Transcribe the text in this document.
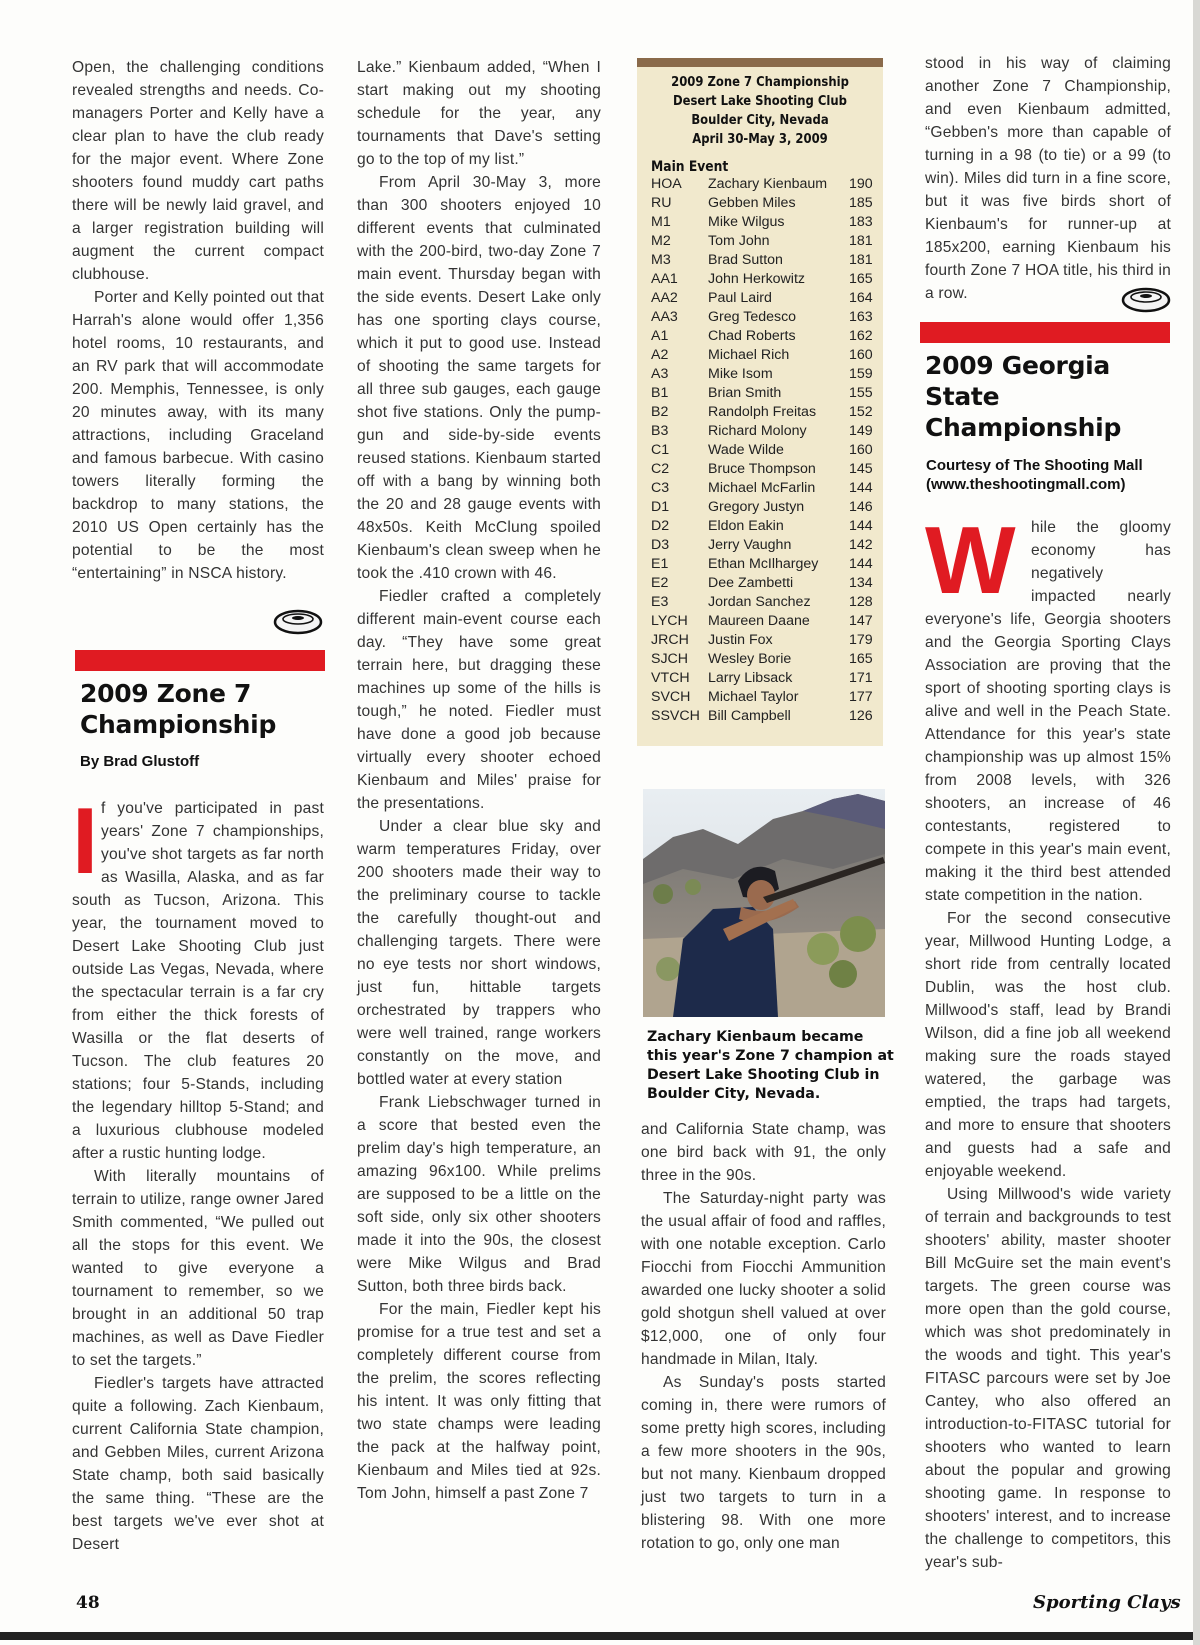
Open, the challenging conditions revealed strengths and needs. Co-managers Porter and Kelly have a clear plan to have the club ready for the major event. Where Zone shooters found muddy cart paths there will be newly laid gravel, and a larger registration building will augment the current compact clubhouse.

Porter and Kelly pointed out that Harrah's alone would offer 1,356 hotel rooms, 10 restaurants, and an RV park that will accommodate 200. Memphis, Tennessee, is only 20 minutes away, with its many attractions, including Graceland and famous barbecue. With casino towers literally forming the backdrop to many stations, the 2010 US Open certainly has the potential to be the most “entertaining” in NSCA history.

2009 Zone 7 Championship
By Brad Glustoff

If you've participated in past years' Zone 7 championships, you've shot targets as far north as Wasilla, Alaska, and as far south as Tucson, Arizona. This year, the tournament moved to Desert Lake Shooting Club just outside Las Vegas, Nevada, where the spectacular terrain is a far cry from either the thick forests of Wasilla or the flat deserts of Tucson. The club features 20 stations; four 5-Stands, including the legendary hilltop 5-Stand; and a luxurious clubhouse modeled after a rustic hunting lodge.

With literally mountains of terrain to utilize, range owner Jared Smith commented, “We pulled out all the stops for this event. We wanted to give everyone a tournament to remember, so we brought in an additional 50 trap machines, as well as Dave Fiedler to set the targets.”

Fiedler's targets have attracted quite a following. Zach Kienbaum, current California State champion, and Gebben Miles, current Arizona State champ, both said basically the same thing. “These are the best targets we've ever shot at Desert

Lake.” Kienbaum added, “When I start making out my shooting schedule for the year, any tournaments that Dave's setting go to the top of my list.”

From April 30-May 3, more than 300 shooters enjoyed 10 different events that culminated with the 200-bird, two-day Zone 7 main event. Thursday began with the side events. Desert Lake only has one sporting clays course, which it put to good use. Instead of shooting the same targets for all three sub gauges, each gauge shot five stations. Only the pump-gun and side-by-side events reused stations. Kienbaum started off with a bang by winning both the 20 and 28 gauge events with 48x50s. Keith McClung spoiled Kienbaum's clean sweep when he took the .410 crown with 46.

Fiedler crafted a completely different main-event course each day. “They have some great terrain here, but dragging these machines up some of the hills is tough,” he noted. Fiedler must have done a good job because virtually every shooter echoed Kienbaum and Miles' praise for the presentations.

Under a clear blue sky and warm temperatures Friday, over 200 shooters made their way to the preliminary course to tackle the carefully thought-out and challenging targets. There were no eye tests nor short windows, just fun, hittable targets orchestrated by trappers who were well trained, range workers constantly on the move, and bottled water at every station

Frank Liebschwager turned in a score that bested even the prelim day's high temperature, an amazing 96x100. While prelims are supposed to be a little on the soft side, only six other shooters made it into the 90s, the closest were Mike Wilgus and Brad Sutton, both three birds back.

For the main, Fiedler kept his promise for a true test and set a completely different course from the prelim, the scores reflecting his intent. It was only fitting that two state champs were leading the pack at the halfway point, Kienbaum and Miles tied at 92s. Tom John, himself a past Zone 7

2009 Zone 7 Championship
Desert Lake Shooting Club
Boulder City, Nevada
April 30-May 3, 2009
Main Event
HOA	Zachary Kienbaum	190
RU	Gebben Miles	185
M1	Mike Wilgus	183
M2	Tom John	181
M3	Brad Sutton	181
AA1	John Herkowitz	165
AA2	Paul Laird	164
AA3	Greg Tedesco	163
A1	Chad Roberts	162
A2	Michael Rich	160
A3	Mike Isom	159
B1	Brian Smith	155
B2	Randolph Freitas	152
B3	Richard Molony	149
C1	Wade Wilde	160
C2	Bruce Thompson	145
C3	Michael McFarlin	144
D1	Gregory Justyn	146
D2	Eldon Eakin	144
D3	Jerry Vaughn	142
E1	Ethan McIlhargey	144
E2	Dee Zambetti	134
E3	Jordan Sanchez	128
LYCH	Maureen Daane	147
JRCH	Justin Fox	179
SJCH	Wesley Borie	165
VTCH	Larry Libsack	171
SVCH	Michael Taylor	177
SSVCH	Bill Campbell	126
Zachary Kienbaum became this year's Zone 7 champion at Desert Lake Shooting Club in Boulder City, Nevada.

and California State champ, was one bird back with 91, the only three in the 90s.

The Saturday-night party was the usual affair of food and raffles, with one notable exception. Carlo Fiocchi from Fiocchi Ammunition awarded one lucky shooter a solid gold shotgun shell valued at over $12,000, one of only four handmade in Milan, Italy.

As Sunday's posts started coming in, there were rumors of some pretty high scores, including a few more shooters in the 90s, but not many. Kienbaum dropped just two targets to turn in a blistering 98. With one more rotation to go, only one man

stood in his way of claiming another Zone 7 Championship, and even Kienbaum admitted, “Gebben's more than capable of turning in a 98 (to tie) or a 99 (to win). Miles did turn in a fine score, but it was five birds short of Kienbaum's for runner-up at 185x200, earning Kienbaum his fourth Zone 7 HOA title, his third in a row.

2009 Georgia State Championship
Courtesy of The Shooting Mall
(www.theshootingmall.com)

While the gloomy economy has negatively impacted nearly everyone's life, Georgia shooters and the Georgia Sporting Clays Association are proving that the sport of shooting sporting clays is alive and well in the Peach State. Attendance for this year's state championship was up almost 15% from 2008 levels, with 326 shooters, an increase of 46 contestants, registered to compete in this year's main event, making it the third best attended state competition in the nation.

For the second consecutive year, Millwood Hunting Lodge, a short ride from centrally located Dublin, was the host club. Millwood's staff, lead by Brandi Wilson, did a fine job all weekend making sure the roads stayed watered, the garbage was emptied, the traps had targets, and more to ensure that shooters and guests had a safe and enjoyable weekend.

Using Millwood's wide variety of terrain and backgrounds to test shooters' ability, master shooter Bill McGuire set the main event's targets. The green course was more open than the gold course, which was shot predominately in the woods and tight. This year's FITASC parcours were set by Joe Cantey, who also offered an introduction-to-FITASC tutorial for shooters who wanted to learn about the popular and growing shooting game. In response to shooters' interest, and to increase the challenge to competitors, this year's sub-

48	Sporting Clays
